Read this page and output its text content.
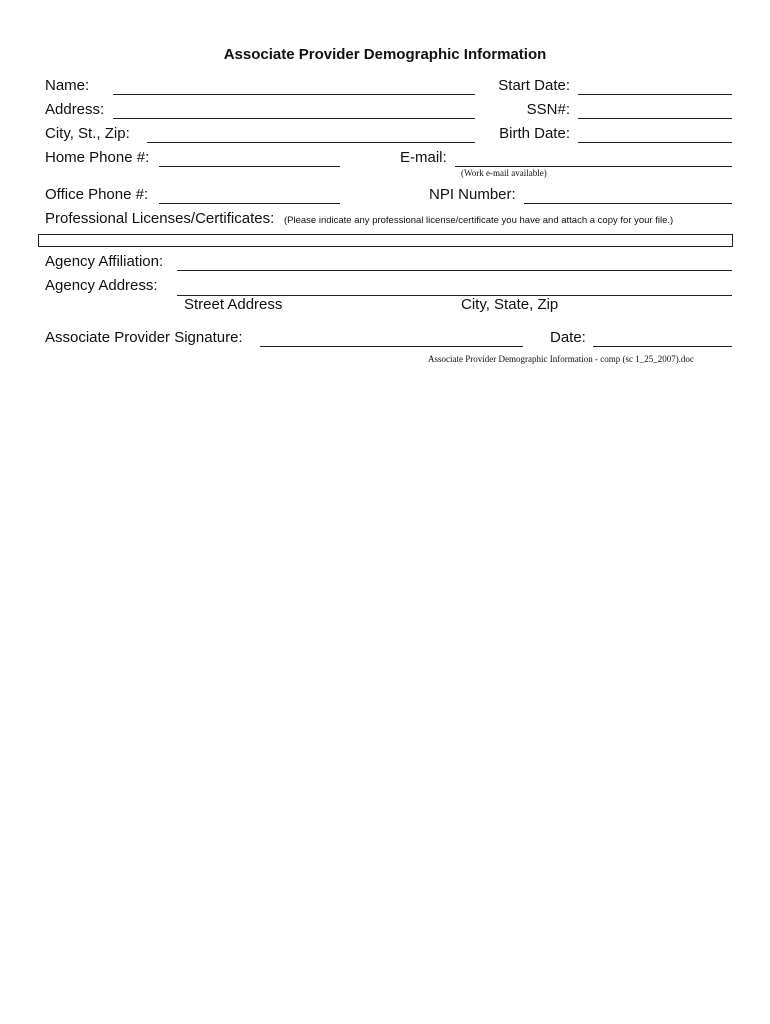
Associate Provider Demographic Information
Name:	Start Date:
Address:	SSN#:
City, St., Zip:	Birth Date:
Home Phone #:	E-mail:
(Work e-mail available)
Office Phone #:	NPI Number:
Professional Licenses/Certificates: (Please indicate any professional license/certificate you have and attach a copy for your file.)
Agency Affiliation:
Agency Address:
Street Address	City, State, Zip
Associate Provider Signature:	Date:
Associate Provider Demographic Information - comp (sc 1_25_2007).doc
